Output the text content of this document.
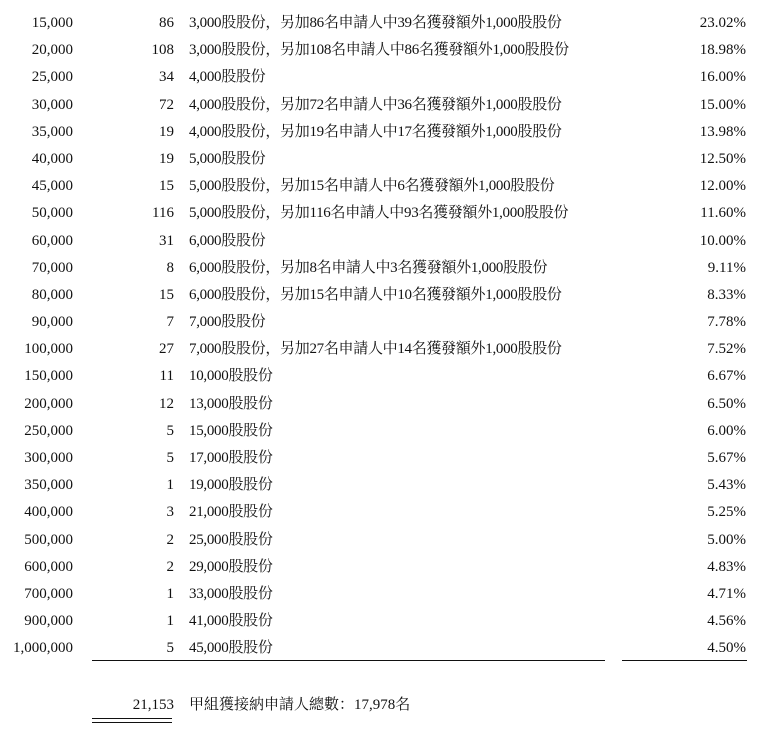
15,000	86 3,000股股份，另加86名申請人中39名獲發額外1,000股股份	23.02%
20,000	108 3,000股股份，另加108名申請人中86名獲發額外1,000股股份	18.98%
25,000	34 4,000股股份	16.00%
30,000	72 4,000股股份，另加72名申請人中36名獲發額外1,000股股份	15.00%
35,000	19 4,000股股份，另加19名申請人中17名獲發額外1,000股股份	13.98%
40,000	19 5,000股股份	12.50%
45,000	15 5,000股股份，另加15名申請人中6名獲發額外1,000股股份	12.00%
50,000	116 5,000股股份，另加116名申請人中93名獲發額外1,000股股份	11.60%
60,000	31 6,000股股份	10.00%
70,000	8 6,000股股份，另加8名申請人中3名獲發額外1,000股股份	9.11%
80,000	15 6,000股股份，另加15名申請人中10名獲發額外1,000股股份	8.33%
90,000	7 7,000股股份	7.78%
100,000	27 7,000股股份，另加27名申請人中14名獲發額外1,000股股份	7.52%
150,000	11 10,000股股份	6.67%
200,000	12 13,000股股份	6.50%
250,000	5 15,000股股份	6.00%
300,000	5 17,000股股份	5.67%
350,000	1 19,000股股份	5.43%
400,000	3 21,000股股份	5.25%
500,000	2 25,000股股份	5.00%
600,000	2 29,000股股份	4.83%
700,000	1 33,000股股份	4.71%
900,000	1 41,000股股份	4.56%
1,000,000	5 45,000股股份	4.50%
21,153 甲組獲接納申請人總數：17,978名
